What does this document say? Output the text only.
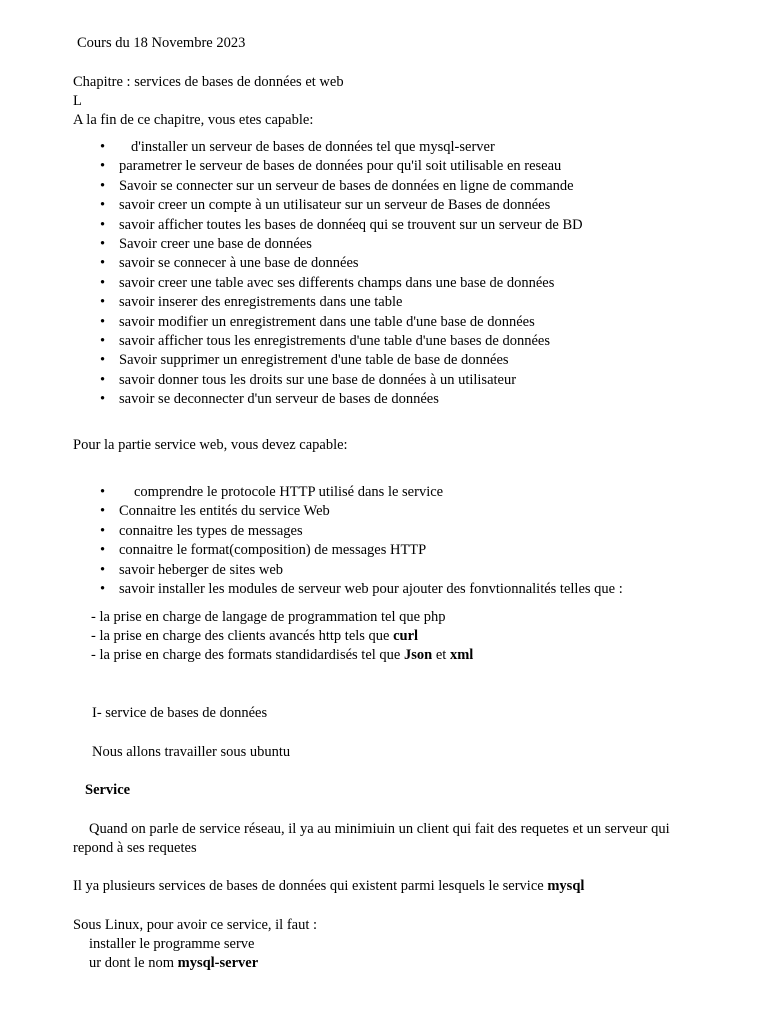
Cours du 18 Novembre 2023
Chapitre : services de bases de données et web
L
A la fin de ce chapitre, vous etes capable:
• d'installer un serveur de bases de données tel que mysql-server
• parametrer le serveur de bases de données pour qu'il soit utilisable en reseau
• Savoir se connecter sur un serveur de bases de données en ligne de commande
• savoir creer un compte à un utilisateur sur un serveur de Bases de données
• savoir afficher toutes les bases de donnéeq qui se trouvent sur un serveur de BD
• Savoir creer une base de données
• savoir se connecer à une base de données
• savoir creer une table avec ses differents champs dans une base de données
• savoir inserer des enregistrements dans une table
• savoir modifier un enregistrement dans une table d'une base de données
• savoir afficher tous les enregistrements d'une table d'une bases de données
• Savoir supprimer un enregistrement d'une table de base de données
• savoir donner tous les droits sur une base de données à un utilisateur
• savoir se deconnecter d'un serveur de bases de données
Pour la partie service web, vous devez capable:
• comprendre le protocole HTTP utilisé dans le service
• Connaitre les entités du service Web
• connaitre les types de messages
• connaitre le format(composition) de messages HTTP
• savoir heberger de sites web
• savoir installer les modules de serveur web pour ajouter des fonvtionnalités telles que :
- la prise en charge de langage de programmation tel que php
- la prise en charge des clients avancés http tels que curl
- la prise en charge des formats standidardisés tel que Json et xml
I- service de bases de données
Nous allons travailler sous ubuntu
Service
Quand on parle de service réseau, il ya au minimiuin un client qui fait des requetes et un serveur qui
repond à ses requetes
Il ya plusieurs services de bases de données qui existent parmi lesquels le service mysql
Sous Linux, pour avoir ce service, il faut :
installer le programme serve
ur dont le nom mysql-server
